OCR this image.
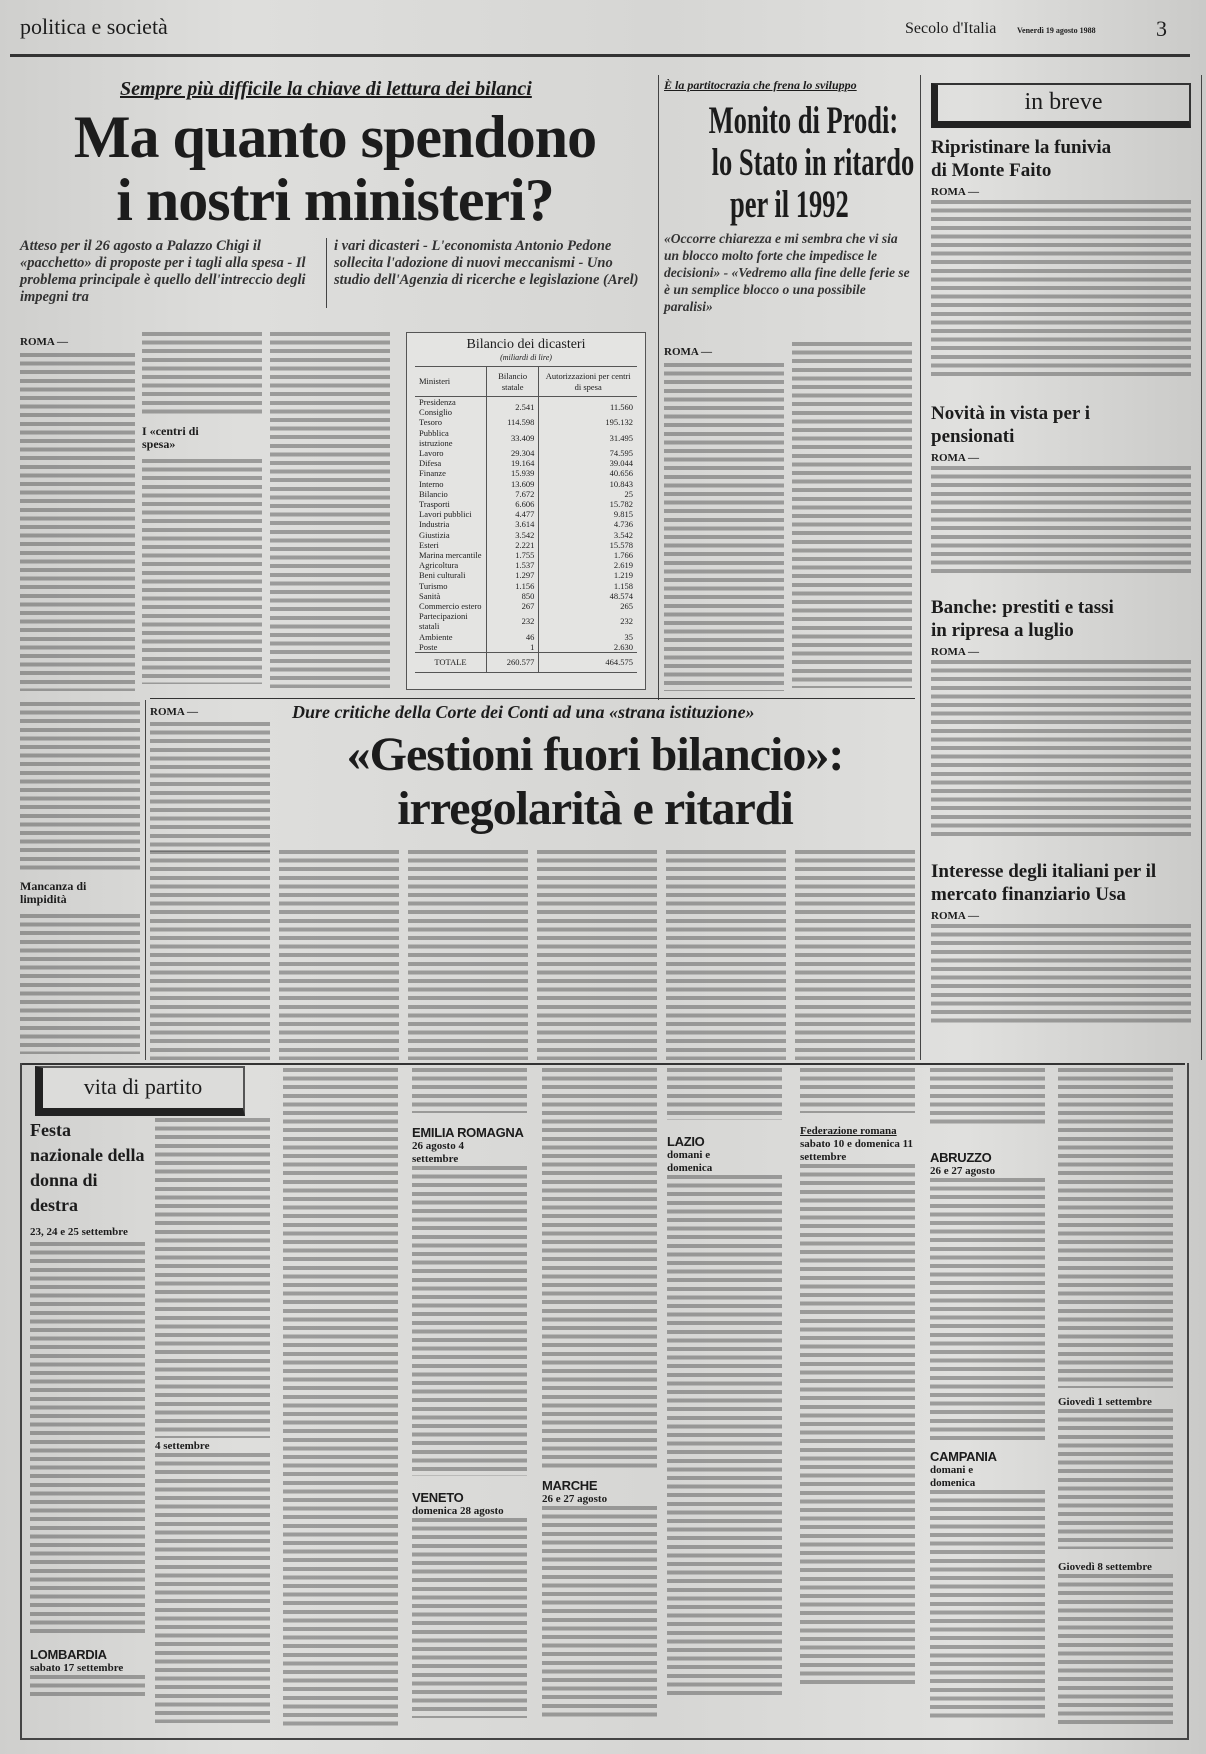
politica e società	Secolo d'Italia	Venerdì 19 agosto 1988	3
Sempre più difficile la chiave di lettura dei bilanci
Ma quanto spendono
i nostri ministeri?
Atteso per il 26 agosto a Palazzo Chigi il «pacchetto» di proposte per i tagli alla spesa - Il problema principale è quello dell'intreccio degli impegni tra
i vari dicasteri - L'economista Antonio Pedone sollecita l'adozione di nuovi meccanismi - Uno studio dell'Agenzia di ricerche e legislazione (Arel)
ROMA —
I «centri di spesa»
Bilancio dei dicasteri
(miliardi di lire)
Ministeri	Bilancio statale	Autorizzazioni per centri di spesa
Presidenza Consiglio	2.541	11.560
Tesoro	114.598	195.132
Pubblica istruzione	33.409	31.495
Lavoro	29.304	74.595
Difesa	19.164	39.044
Finanze	15.939	40.656
Interno	13.609	10.843
Bilancio	7.672	25
Trasporti	6.606	15.782
Lavori pubblici	4.477	9.815
Industria	3.614	4.736
Giustizia	3.542	3.542
Esteri	2.221	15.578
Marina mercantile	1.755	1.766
Agricoltura	1.537	2.619
Beni culturali	1.297	1.219
Turismo	1.156	1.158
Sanità	850	48.574
Commercio estero	267	265
Partecipazioni statali	232	232
Ambiente	46	35
Poste	1	2.630
TOTALE	260.577	464.575
È la partitocrazia che frena lo sviluppo
Monito di Prodi:
lo Stato in ritardo
per il 1992
«Occorre chiarezza e mi sembra che vi sia un blocco molto forte che impedisce le decisioni» - «Vedremo alla fine delle ferie se è un semplice blocco o una possibile paralisi»
ROMA —
in breve
Ripristinare la funivia di Monte Faito
ROMA —
Novità in vista per i pensionati
ROMA —
Banche: prestiti e tassi in ripresa a luglio
ROMA —
Interesse degli italiani per il mercato finanziario Usa
ROMA —
Mancanza di limpidità
ROMA —	Dure critiche della Corte dei Conti ad una «strana istituzione»
«Gestioni fuori bilancio»:
irregolarità e ritardi
vita di partito
Festa nazionale della donna di destra
23, 24 e 25 settembre
LOMBARDIA
sabato 17 settembre
4 settembre
EMILIA ROMAGNA
26 agosto 4 settembre
VENETO
domenica 28 agosto
MARCHE
26 e 27 agosto
LAZIO
domani e domenica
Federazione romana
sabato 10 e domenica 11 settembre	ABRUZZO
26 e 27 agosto
CAMPANIA
domani e domenica
Giovedì 1 settembre
Giovedì 8 settembre
